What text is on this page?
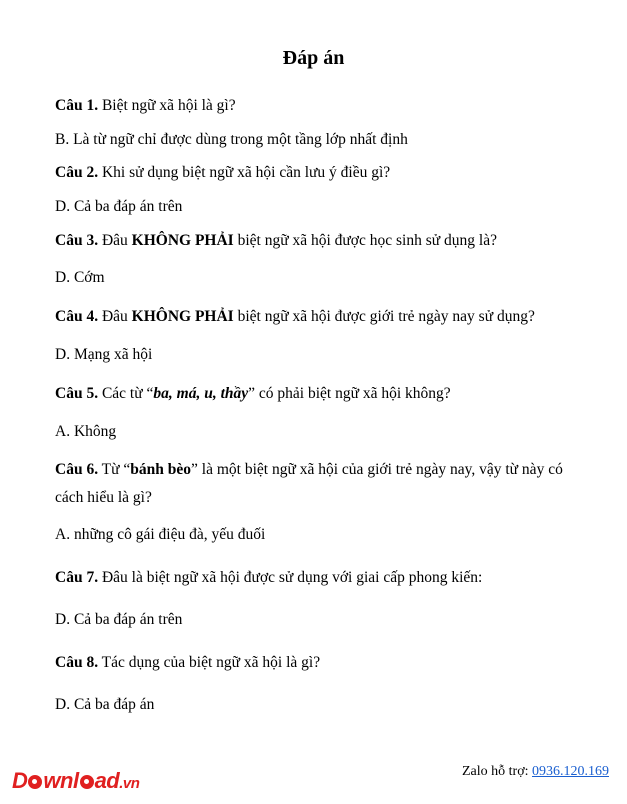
Đáp án

Câu 1. Biệt ngữ xã hội là gì?

B. Là từ ngữ chỉ được dùng trong một tầng lớp nhất định

Câu 2. Khi sử dụng biệt ngữ xã hội cần lưu ý điều gì?

D. Cả ba đáp án trên

Câu 3. Đâu KHÔNG PHẢI biệt ngữ xã hội được học sinh sử dụng là?

D. Cớm

Câu 4. Đâu KHÔNG PHẢI biệt ngữ xã hội được giới trẻ ngày nay sử dụng?

D. Mạng xã hội

Câu 5. Các từ “ba, má, u, thầy” có phải biệt ngữ xã hội không?

A. Không

Câu 6. Từ “bánh bèo” là một biệt ngữ xã hội của giới trẻ ngày nay, vậy từ này có cách hiểu là gì?

A. những cô gái điệu đà, yếu đuối

Câu 7. Đâu là biệt ngữ xã hội được sử dụng với giai cấp phong kiến:

D. Cả ba đáp án trên

Câu 8. Tác dụng của biệt ngữ xã hội là gì?

D. Cả ba đáp án

D wnl ad.vn
Zalo hỗ trợ: 0936.120.169
